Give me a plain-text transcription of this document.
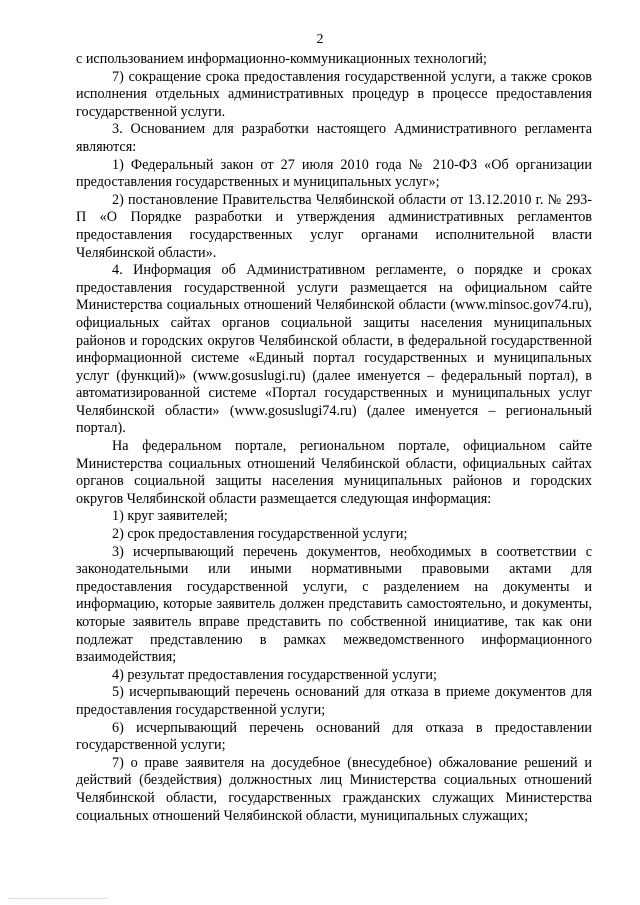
2

с использованием информационно-коммуникационных технологий;

7) сокращение срока предоставления государственной услуги, а также сроков исполнения отдельных административных процедур в процессе предоставления государственной услуги.

3. Основанием для разработки настоящего Административного регламента являются:

1) Федеральный закон от 27 июля 2010 года № 210-ФЗ «Об организации предоставления государственных и муниципальных услуг»;

2) постановление Правительства Челябинской области от 13.12.2010 г. № 293-П «О Порядке разработки и утверждения административных регламентов предоставления государственных услуг органами исполнительной власти Челябинской области».

4. Информация об Административном регламенте, о порядке и сроках предоставления государственной услуги размещается на официальном сайте Министерства социальных отношений Челябинской области (www.minsoc.gov74.ru), официальных сайтах органов социальной защиты населения муниципальных районов и городских округов Челябинской области, в федеральной государственной информационной системе «Единый портал государственных и муниципальных услуг (функций)» (www.gosuslugi.ru) (далее именуется – федеральный портал), в автоматизированной системе «Портал государственных и муниципальных услуг Челябинской области» (www.gosuslugi74.ru) (далее именуется – региональный портал).

На федеральном портале, региональном портале, официальном сайте Министерства социальных отношений Челябинской области, официальных сайтах органов социальной защиты населения муниципальных районов и городских округов Челябинской области размещается следующая информация:

1) круг заявителей;

2) срок предоставления государственной услуги;

3) исчерпывающий перечень документов, необходимых в соответствии с законодательными или иными нормативными правовыми актами для предоставления государственной услуги, с разделением на документы и информацию, которые заявитель должен представить самостоятельно, и документы, которые заявитель вправе представить по собственной инициативе, так как они подлежат представлению в рамках межведомственного информационного взаимодействия;

4) результат предоставления государственной услуги;

5) исчерпывающий перечень оснований для отказа в приеме документов для предоставления государственной услуги;

6) исчерпывающий перечень оснований для отказа в предоставлении государственной услуги;

7) о праве заявителя на досудебное (внесудебное) обжалование решений и действий (бездействия) должностных лиц Министерства социальных отношений Челябинской области, государственных гражданских служащих Министерства социальных отношений Челябинской области, муниципальных служащих;
